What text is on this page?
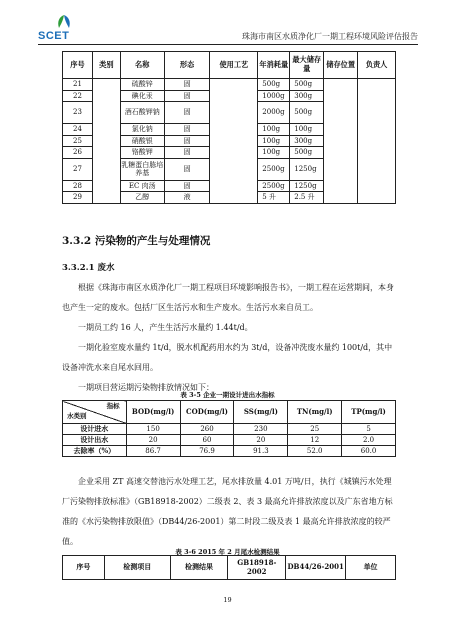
SCET	珠海市南区水质净化厂一期工程环境风险评估报告
序号	类别	名称	形态	使用工艺	年消耗量	最大储存量	储存位置	负责人
21		硫酸锌	固		500g	500g		
22		碘化汞	固		1000g	300g		
23		酒石酸钾钠	固		2000g	500g		
24		氯化钠	固		100g	100g		
25		硝酸银	固		100g	300g		
26		铬酸钾	固		100g	500g		
27		乳糖蛋白胨培养基	固		2500g	1250g		
28		EC 肉汤	固		2500g	1250g		
29		乙醇	液		5 升	2.5 升		
3.3.2 污染物的产生与处理情况
3.3.2.1 废水
根据《珠海市南区水质净化厂一期工程项目环境影响报告书》，一期工程在运营期间，本身也产生一定的废水。包括厂区生活污水和生产废水。生活污水来自员工。
一期员工约 16 人，产生生活污水量约 1.44t/d。
一期化验室废水量约 1t/d，脱水机配药用水约为 3t/d，设备冲洗废水量约 100t/d，其中设备冲洗水来自尾水回用。
一期项目营运期污染物排放情况如下：
表 3-5 企业一期设计进出水指标
指标
水类别	BOD(mg/l)	COD(mg/l)	SS(mg/l)	TN(mg/l)	TP(mg/l)
设计进水	150	260	230	25	5
设计出水	20	60	20	12	2.0
去除率（%）	86.7	76.9	91.3	52.0	60.0
企业采用 ZT 高速交替池污水处理工艺，尾水排放量 4.01 万吨/日，执行《城镇污水处理厂污染物排放标准》（GB18918-2002）二级表 2、表 3 最高允许排放浓度以及广东省地方标准的《水污染物排放限值》（DB44/26-2001）第二时段二级及表 1 最高允许排放浓度的较严值。
表 3-6 2015 年 2 月尾水检测结果
序号	检测项目	检测结果	GB18918-2002	DB44/26-2001	单位
19
